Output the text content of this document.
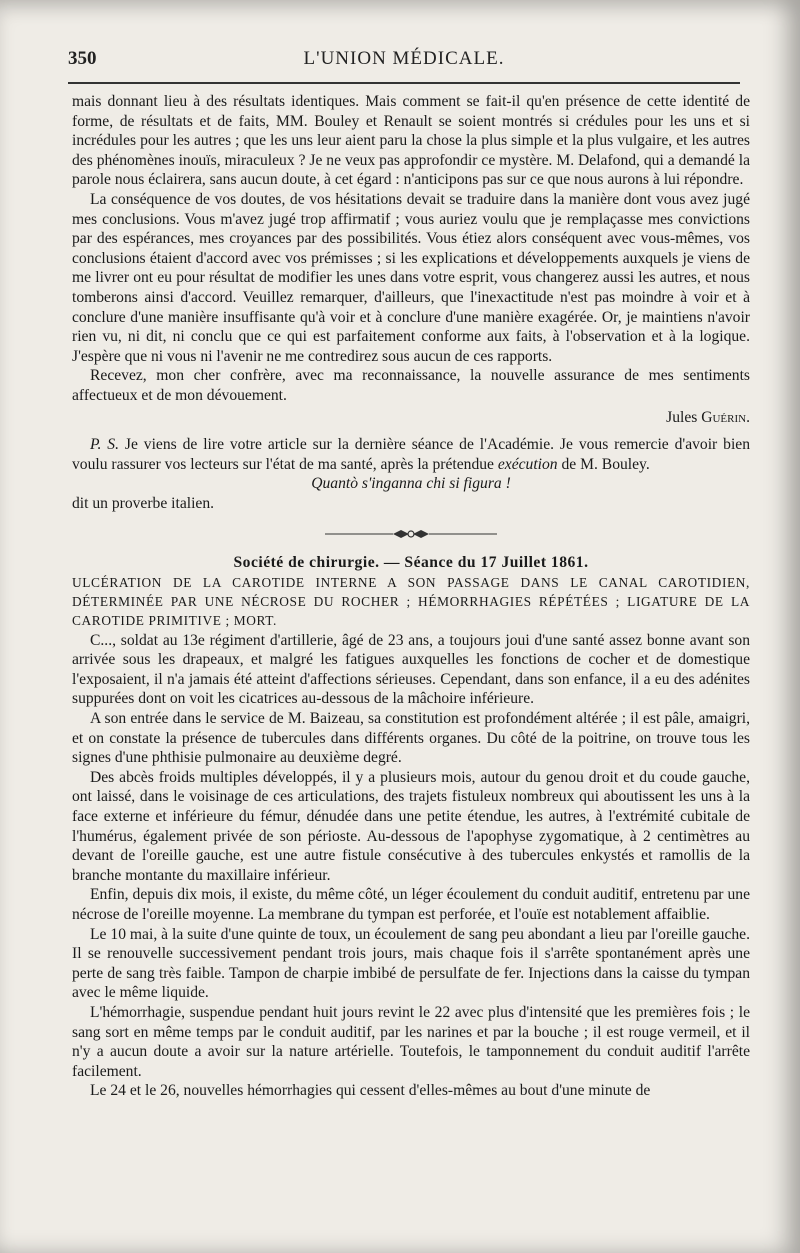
350	L'UNION MÉDICALE.

mais donnant lieu à des résultats identiques. Mais comment se fait-il qu'en présence de cette identité de forme, de résultats et de faits, MM. Bouley et Renault se soient montrés si crédules pour les uns et si incrédules pour les autres ; que les uns leur aient paru la chose la plus simple et la plus vulgaire, et les autres des phénomènes inouïs, miraculeux ? Je ne veux pas approfondir ce mystère. M. Delafond, qui a demandé la parole nous éclairera, sans aucun doute, à cet égard : n'anticipons pas sur ce que nous aurons à lui répondre.

La conséquence de vos doutes, de vos hésitations devait se traduire dans la manière dont vous avez jugé mes conclusions. Vous m'avez jugé trop affirmatif ; vous auriez voulu que je remplaçasse mes convictions par des espérances, mes croyances par des possibilités. Vous étiez alors conséquent avec vous-mêmes, vos conclusions étaient d'accord avec vos prémisses ; si les explications et développements auxquels je viens de me livrer ont eu pour résultat de modifier les unes dans votre esprit, vous changerez aussi les autres, et nous tomberons ainsi d'accord. Veuillez remarquer, d'ailleurs, que l'inexactitude n'est pas moindre à voir et à conclure d'une manière insuffisante qu'à voir et à conclure d'une manière exagérée. Or, je maintiens n'avoir rien vu, ni dit, ni conclu que ce qui est parfaitement conforme aux faits, à l'observation et à la logique. J'espère que ni vous ni l'avenir ne me contredirez sous aucun de ces rapports.

Recevez, mon cher confrère, avec ma reconnaissance, la nouvelle assurance de mes sentiments affectueux et de mon dévouement.

Jules Guérin.

P. S. Je viens de lire votre article sur la dernière séance de l'Académie. Je vous remercie d'avoir bien voulu rassurer vos lecteurs sur l'état de ma santé, après la prétendue exécution de M. Bouley.

Quantò s'inganna chi si figura !

dit un proverbe italien.

Société de chirurgie. — Séance du 17 Juillet 1861.

ULCÉRATION DE LA CAROTIDE INTERNE A SON PASSAGE DANS LE CANAL CAROTIDIEN, DÉTERMINÉE PAR UNE NÉCROSE DU ROCHER ; HÉMORRHAGIES RÉPÉTÉES ; LIGATURE DE LA CAROTIDE PRIMITIVE ; MORT.

C..., soldat au 13e régiment d'artillerie, âgé de 23 ans, a toujours joui d'une santé assez bonne avant son arrivée sous les drapeaux, et malgré les fatigues auxquelles les fonctions de cocher et de domestique l'exposaient, il n'a jamais été atteint d'affections sérieuses. Cependant, dans son enfance, il a eu des adénites suppurées dont on voit les cicatrices au-dessous de la mâchoire inférieure.

A son entrée dans le service de M. Baizeau, sa constitution est profondément altérée ; il est pâle, amaigri, et on constate la présence de tubercules dans différents organes. Du côté de la poitrine, on trouve tous les signes d'une phthisie pulmonaire au deuxième degré.

Des abcès froids multiples développés, il y a plusieurs mois, autour du genou droit et du coude gauche, ont laissé, dans le voisinage de ces articulations, des trajets fistuleux nombreux qui aboutissent les uns à la face externe et inférieure du fémur, dénudée dans une petite étendue, les autres, à l'extrémité cubitale de l'humérus, également privée de son périoste. Au-dessous de l'apophyse zygomatique, à 2 centimètres au devant de l'oreille gauche, est une autre fistule consécutive à des tubercules enkystés et ramollis de la branche montante du maxillaire inférieur.

Enfin, depuis dix mois, il existe, du même côté, un léger écoulement du conduit auditif, entretenu par une nécrose de l'oreille moyenne. La membrane du tympan est perforée, et l'ouïe est notablement affaiblie.

Le 10 mai, à la suite d'une quinte de toux, un écoulement de sang peu abondant a lieu par l'oreille gauche. Il se renouvelle successivement pendant trois jours, mais chaque fois il s'arrête spontanément après une perte de sang très faible. Tampon de charpie imbibé de persulfate de fer. Injections dans la caisse du tympan avec le même liquide.

L'hémorrhagie, suspendue pendant huit jours revint le 22 avec plus d'intensité que les premières fois ; le sang sort en même temps par le conduit auditif, par les narines et par la bouche ; il est rouge vermeil, et il n'y a aucun doute a avoir sur la nature artérielle. Toutefois, le tamponnement du conduit auditif l'arrête facilement.

Le 24 et le 26, nouvelles hémorrhagies qui cessent d'elles-mêmes au bout d'une minute de
